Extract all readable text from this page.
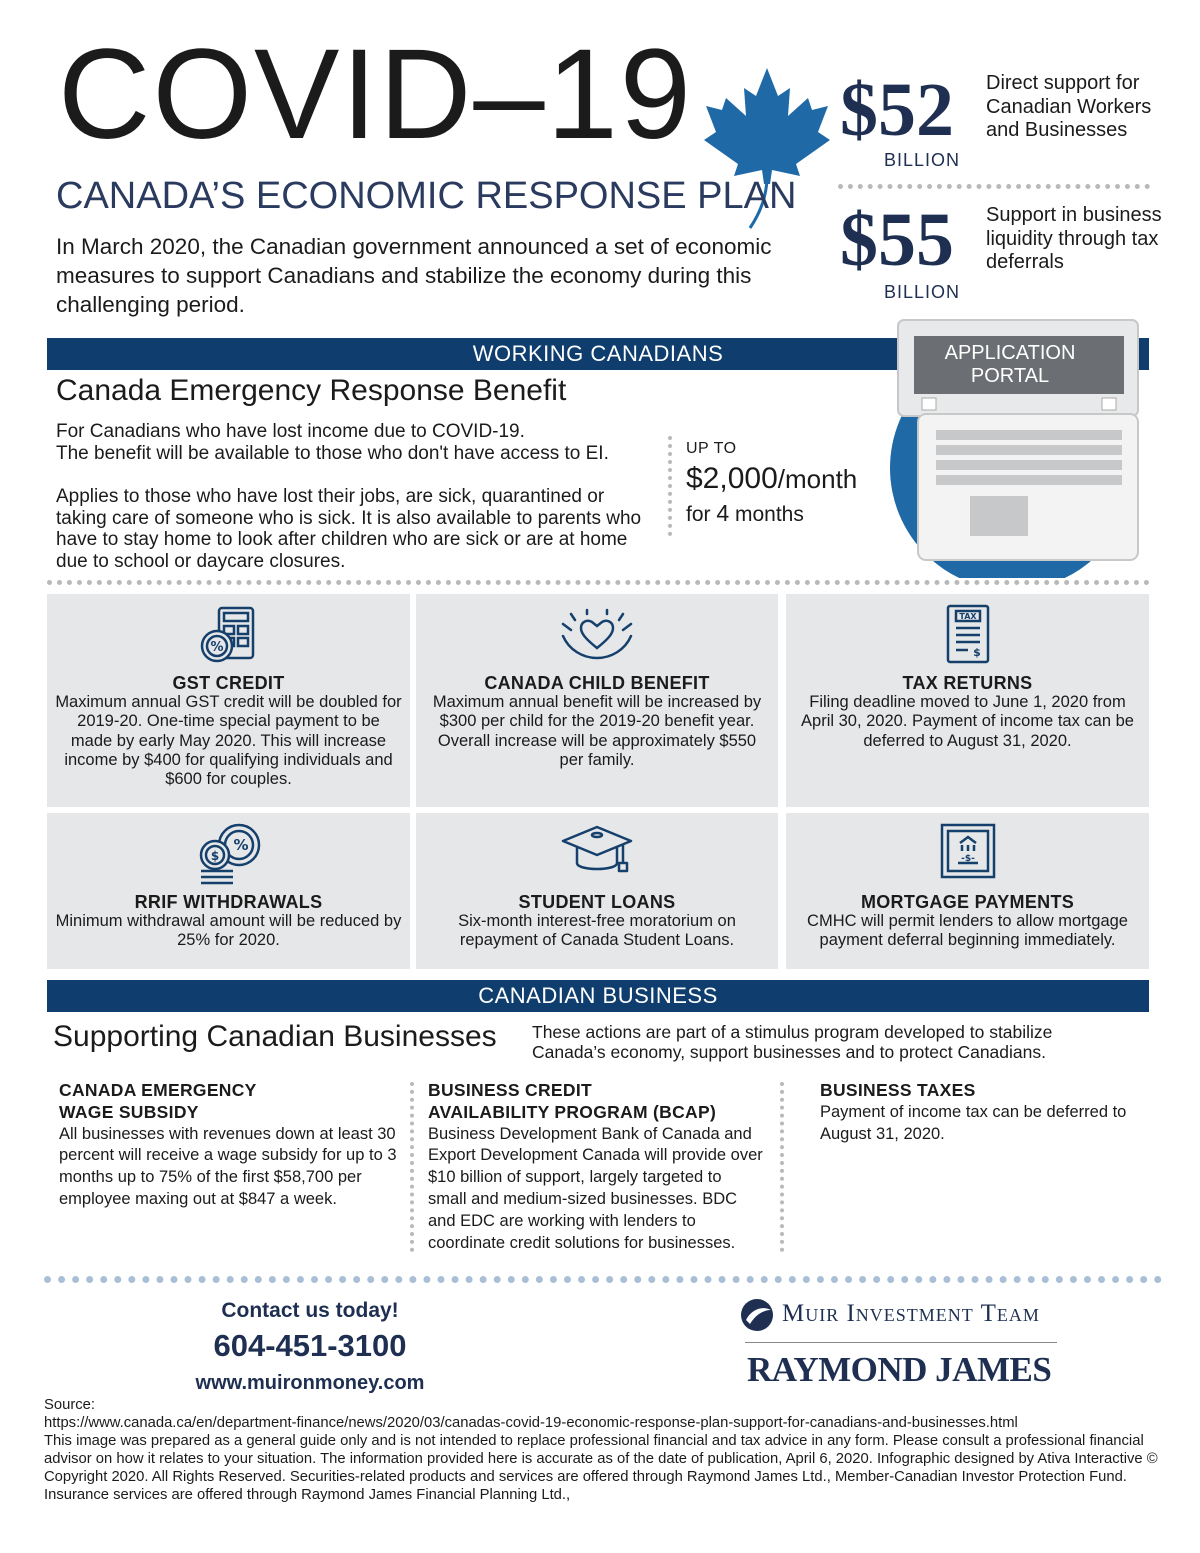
COVID–19
CANADA’S ECONOMIC RESPONSE PLAN
In March 2020, the Canadian government announced a set of economic measures to support Canadians and stabilize the economy during this challenging period.
$52
BILLION
Direct support for Canadian Workers and Businesses
$55
BILLION
Support in business liquidity through tax deferrals
WORKING CANADIANS	APPLICATION PORTAL
Canada Emergency Response Benefit
For Canadians who have lost income due to COVID-19.
The benefit will be available to those who don't have access to EI.
Applies to those who have lost their jobs, are sick, quarantined or taking care of someone who is sick. It is also available to parents who have to stay home to look after children who are sick or are at home due to school or daycare closures.
UP TO
$2,000/month
for 4 months
%
GST CREDIT
Maximum annual GST credit will be doubled for 2019-20. One-time special payment to be made by early May 2020. This will increase income by $400 for qualifying individuals and $600 for couples.
CANADA CHILD BENEFIT
Maximum annual benefit will be increased by $300 per child for the 2019-20 benefit year. Overall increase will be approximately $550 per family.
TAX
$
TAX RETURNS
Filing deadline moved to June 1, 2020 from April 30, 2020. Payment of income tax can be deferred to August 31, 2020.
%
$
RRIF WITHDRAWALS
Minimum withdrawal amount will be reduced by 25% for 2020.
STUDENT LOANS
Six-month interest-free moratorium on repayment of Canada Student Loans.
-$-
MORTGAGE PAYMENTS
CMHC will permit lenders to allow mortgage payment deferral beginning immediately.
CANADIAN BUSINESS
Supporting Canadian Businesses These actions are part of a stimulus program developed to stabilize Canada’s economy, support businesses and to protect Canadians.
CANADA EMERGENCY
WAGE SUBSIDY
All businesses with revenues down at least 30 percent will receive a wage subsidy for up to 3 months up to 75% of the first $58,700 per employee maxing out at $847 a week.
BUSINESS CREDIT
AVAILABILITY PROGRAM (BCAP)
Business Development Bank of Canada and Export Development Canada will provide over $10 billion of support, largely targeted to small and medium-sized businesses. BDC and EDC are working with lenders to coordinate credit solutions for businesses.
BUSINESS TAXES
Payment of income tax can be deferred to August 31, 2020.
Contact us today!
604-451-3100
www.muironmoney.com
Muir Investment Team
RAYMOND JAMES
Source:
https://www.canada.ca/en/department-finance/news/2020/03/canadas-covid-19-economic-response-plan-support-for-canadians-and-businesses.html
This image was prepared as a general guide only and is not intended to replace professional financial and tax advice in any form. Please consult a professional financial advisor on how it relates to your situation. The information provided here is accurate as of the date of publication, April 6, 2020. Infographic designed by Ativa Interactive © Copyright 2020. All Rights Reserved. Securities-related products and services are offered through Raymond James Ltd., Member-Canadian Investor Protection Fund. Insurance services are offered through Raymond James Financial Planning Ltd.,
